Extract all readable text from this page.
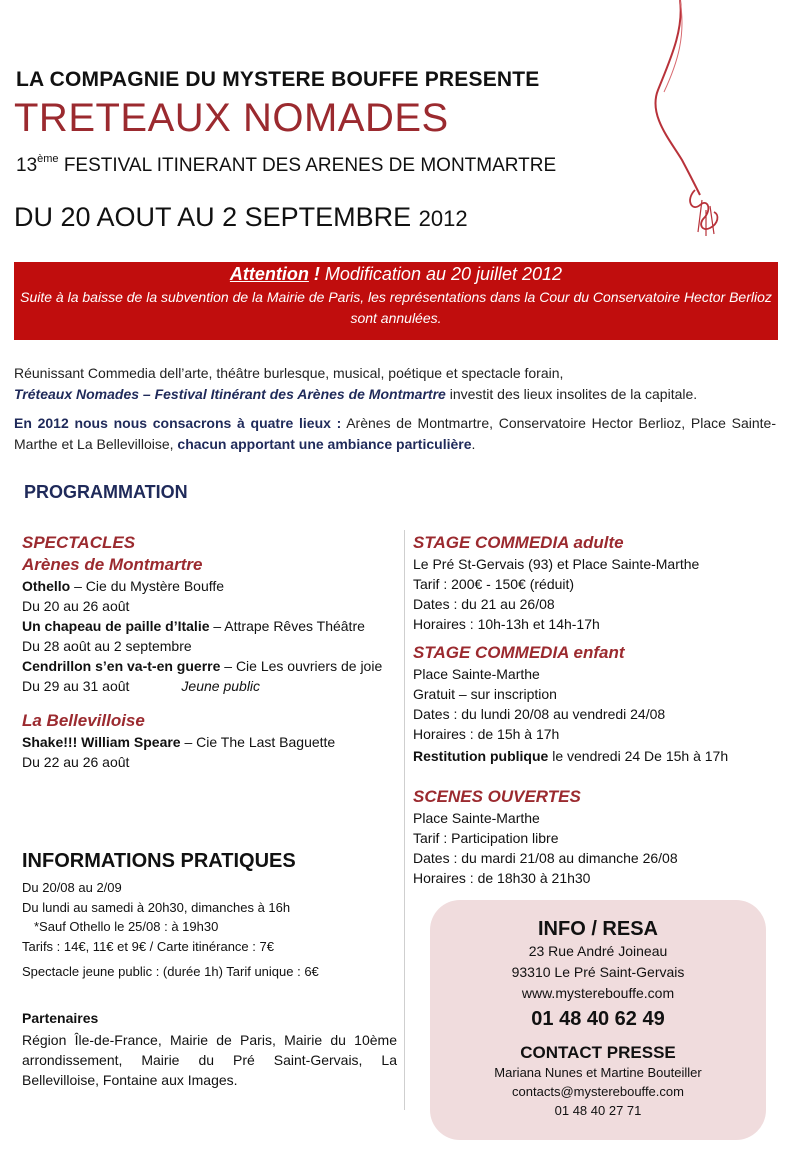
LA COMPAGNIE DU MYSTERE BOUFFE PRESENTE
TRETEAUX NOMADES
13ème FESTIVAL ITINERANT DES ARENES DE MONTMARTRE
DU 20 AOUT AU 2 SEPTEMBRE 2012
Attention ! Modification au 20 juillet 2012
Suite à la baisse de la subvention de la Mairie de Paris, les représentations dans la Cour du Conservatoire Hector Berlioz sont annulées.

Réunissant Commedia dell’arte, théâtre burlesque, musical, poétique et spectacle forain,
Tréteaux Nomades – Festival Itinérant des Arènes de Montmartre investit des lieux insolites de la capitale.

En 2012 nous nous consacrons à quatre lieux : Arènes de Montmartre, Conservatoire Hector Berlioz, Place Sainte-Marthe et La Bellevilloise, chacun apportant une ambiance particulière.

PROGRAMMATION
SPECTACLES
Arènes de Montmartre
Othello – Cie du Mystère Bouffe
Du 20 au 26 août
Un chapeau de paille d’Italie – Attrape Rêves Théâtre
Du 28 août au 2 septembre
Cendrillon s’en va-t-en guerre – Cie Les ouvriers de joie
Du 29 au 31 août	Jeune public
La Bellevilloise
Shake!!! William Speare – Cie The Last Baguette
Du 22 au 26 août
STAGE COMMEDIA adulte
Le Pré St-Gervais (93) et Place Sainte-Marthe
Tarif : 200€ - 150€ (réduit)
Dates : du 21 au 26/08
Horaires : 10h-13h et 14h-17h
STAGE COMMEDIA enfant
Place Sainte-Marthe
Gratuit – sur inscription
Dates : du lundi 20/08 au vendredi 24/08
Horaires : de 15h à 17h
Restitution publique le vendredi 24 De 15h à 17h
SCENES OUVERTES
Place Sainte-Marthe
Tarif : Participation libre
Dates : du mardi 21/08 au dimanche 26/08
Horaires : de 18h30 à 21h30
INFORMATIONS PRATIQUES
Du 20/08 au 2/09
Du lundi au samedi à 20h30, dimanches à 16h
*Sauf Othello le 25/08 : à 19h30
Tarifs : 14€, 11€ et 9€ / Carte itinérance : 7€
Spectacle jeune public : (durée 1h) Tarif unique : 6€
Partenaires
Région Île-de-France, Mairie de Paris, Mairie du 10ème arrondissement, Mairie du Pré Saint-Gervais, La Bellevilloise, Fontaine aux Images.
INFO / RESA
23 Rue André Joineau
93310 Le Pré Saint-Gervais
www.mysterebouffe.com
01 48 40 62 49
CONTACT PRESSE
Mariana Nunes et Martine Bouteiller
contacts@mysterebouffe.com
01 48 40 27 71
